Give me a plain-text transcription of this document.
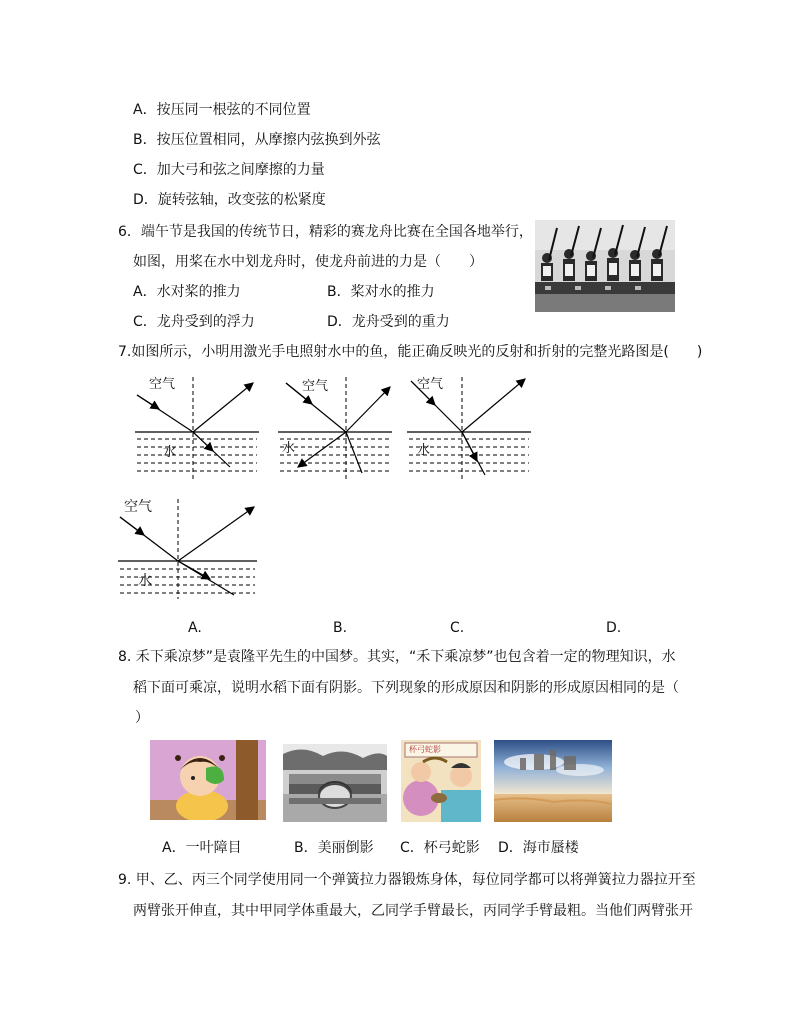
A．按压同一根弦的不同位置
B．按压位置相同，从摩擦内弦换到外弦
C．加大弓和弦之间摩擦的力量
D．旋转弦轴，改变弦的松紧度
6．端午节是我国的传统节日，精彩的赛龙舟比赛在全国各地举行，
如图，用桨在水中划龙舟时，使龙舟前进的力是（　　）
A．水对桨的推力	B．桨对水的推力
C．龙舟受到的浮力	D．龙舟受到的重力
7.如图所示，小明用激光手电照射水中的鱼，能正确反映光的反射和折射的完整光路图是(　　)
空气
水
空气
水
空气
水
空气
水
A.	B.	C.	D.
8. 禾下乘凉梦”是袁隆平先生的中国梦。其实，“禾下乘凉梦”也包含着一定的物理知识，水
稻下面可乘凉，说明水稻下面有阴影。下列现象的形成原因和阴影的形成原因相同的是（
）
杯弓蛇影
A．一叶障目	B．美丽倒影 C．杯弓蛇影 D．海市蜃楼
9. 甲、乙、丙三个同学使用同一个弹簧拉力器锻炼身体，每位同学都可以将弹簧拉力器拉开至
两臂张开伸直，其中甲同学体重最大，乙同学手臂最长，丙同学手臂最粗。当他们两臂张开
